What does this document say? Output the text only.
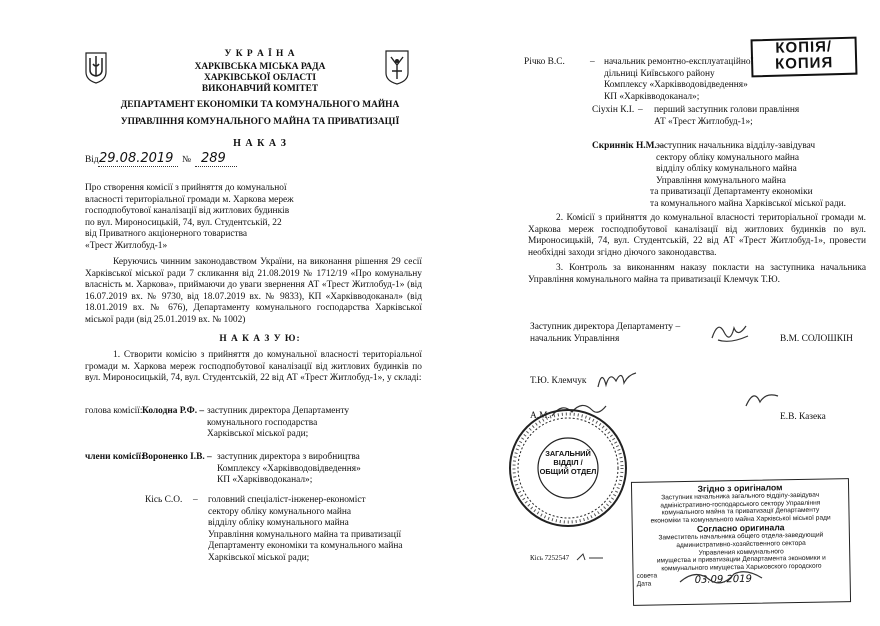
У К Р А Ї Н А
ХАРКІВСЬКА МІСЬКА РАДА
ХАРКІВСЬКОЇ ОБЛАСТІ
ВИКОНАВЧИЙ КОМІТЕТ
ДЕПАРТАМЕНТ ЕКОНОМІКИ ТА КОМУНАЛЬНОГО МАЙНА
УПРАВЛІННЯ КОМУНАЛЬНОГО МАЙНА ТА ПРИВАТИЗАЦІЇ
Н А К А З
Від 29.08.2019 № 289
Про створення комісії з прийняття до комунальної
власності територіальної громади м. Харкова мереж
господпобутової каналізації від житлових будинків
по вул. Мироносицькій, 74, вул. Студентській, 22
від Приватного акціонерного товариства
«Трест Житлобуд-1»
Керуючись чинним законодавством України, на виконання рішення 29 сесії Харківської міської ради 7 скликання від 21.08.2019 № 1712/19 «Про комунальну власність м. Харкова», приймаючи до уваги звернення АТ «Трест Житлобуд-1» (від 16.07.2019 вх. № 9730, від 18.07.2019 вх. № 9833), КП «Харківводоканал» (від 18.01.2019 вх. № 676), Департаменту комунального господарства Харківської міської ради (від 25.01.2019 вх. № 1002)
Н А К А З У Ю:
1. Створити комісію з прийняття до комунальної власності територіальної громади м. Харкова мереж господпобутової каналізації від житлових будинків по вул. Мироносицькій, 74, вул. Студентській, 22 від АТ «Трест Житлобуд-1», у складі:
голова комісії: Колодна Р.Ф. – заступник директора Департаменту
комунального господарства
Харківської міської ради;
члени комісії:
Вороненко І.В. – заступник директора з виробництва
Комплексу «Харківводовідведення»
КП «Харківводоканал»;
Кісь С.О. – головний спеціаліст-інженер-економіст
сектору обліку комунального майна
відділу обліку комунального майна
Управління комунального майна та приватизації
Департаменту економіки та комунального майна
Харківської міської ради;
Річко В.С.	– начальник ремонтно-експлуатаційної
дільниці Київського району
Комплексу «Харківводовідведення»
КП «Харківводоканал»;
КОПІЯ/
КОПИЯ
Сіухін К.І. – перший заступник голови правління
АТ «Трест Житлобуд-1»;
Скриннік Н.М. –
заступник начальника відділу-завідувач
сектору обліку комунального майна
відділу обліку комунального майна
Управління комунального майна
та приватизації Департаменту економіки
та комунального майна Харківської міської ради.
2. Комісії з прийняття до комунальної власності територіальної громади м. Харкова мереж господпобутової каналізації від житлових будинків по вул. Мироносицькій, 74, вул. Студентській, 22 від АТ «Трест Житлобуд-1», провести необхідні заходи згідно діючого законодавства.
3. Контроль за виконанням наказу покласти на заступника начальника Управління комунального майна та приватизації Клемчук Т.Ю.
Заступник директора Департаменту –
начальник Управління	В.М. СОЛОШКІН
Т.Ю. Клемчук
А.М.	Е.В. Казека
ЗАГАЛЬНИЙ
ВІДДІЛ /
ОБЩИЙ ОТДЕЛ
Згідно з оригіналом
Заступник начальника загального відділу-завідувач
адміністративно-господарського сектору Управління
комунального майна та приватизації Департаменту
економіки та комунального майна Харківської міської ради
Согласно оригинала
Заместитель начальника общего отдела-заведующий
административно-хозяйственного сектора
Управления коммунального
имущества и приватизации Департамента экономики и
коммунального имущества Харьковского городского
совета
Дата	03.09.2019
Кісь 7252547
